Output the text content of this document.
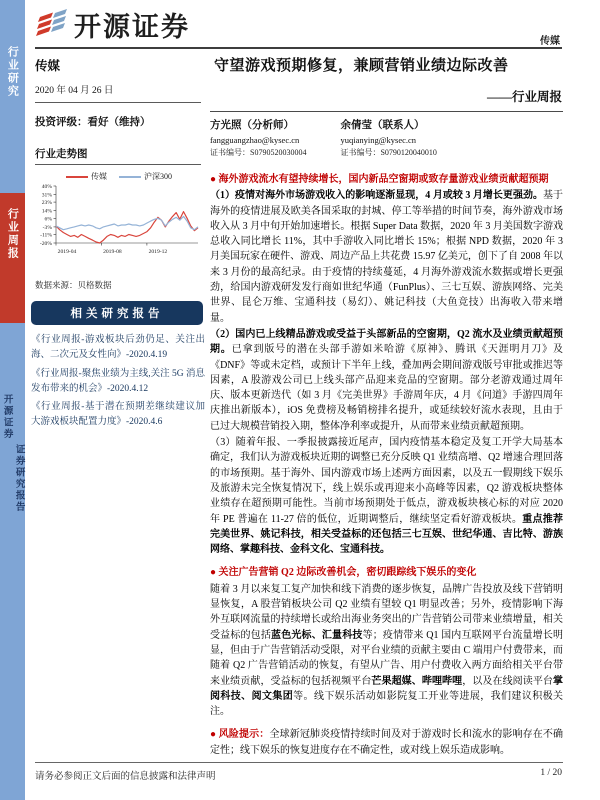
行业研究
行业周报
开源证券
证券研究报告
开源证券	传媒
传媒
2020 年 04 月 26 日
投资评级：看好（维持）
行业走势图
传媒	沪深300
40%
31%
23%
14%
6%
-3%
-11%
-20%
2019-04	2019-08	2019-12
数据来源：贝格数据
相关研究报告
《行业周报-游戏板块后劲仍足、关注出海、二次元及女性向》-2020.4.19
《行业周报-聚焦业绩为主线,关注 5G 消息发布带来的机会》-2020.4.12
《行业周报-基于潜在预期差继续建议加大游戏板块配置力度》-2020.4.6
守望游戏预期修复，兼顾营销业绩边际改善
——行业周报
方光照（分析师）
fangguangzhao@kysec.cn
证书编号：S0790520030004
余倩莹（联系人）
yuqianying@kysec.cn
证书编号：S0790120040010

● 海外游戏流水有望持续增长，国内新品空窗期或致存量游戏业绩贡献超预期

（1）疫情对海外市场游戏收入的影响逐渐显现，4 月或较 3 月增长更强劲。基于海外的疫情进展及欧美各国采取的封城、停工等举措的时间节奏，海外游戏市场收入从 3 月中旬开始加速增长。根据 Super Data 数据，2020 年 3 月美国数字游戏总收入同比增长 11%，其中手游收入同比增长 15%；根据 NPD 数据，2020 年 3 月美国玩家在硬件、游戏、周边产品上共花费 15.97 亿美元，创下了自 2008 年以来 3 月份的最高纪录。由于疫情的持续蔓延，4 月海外游戏流水数据或增长更强劲，给国内游戏研发发行商如世纪华通（FunPlus）、三七互娱、游族网络、完美世界、昆仑万维、宝通科技（易幻）、姚记科技（大鱼竞技）出海收入带来增量。

（2）国内已上线精品游戏或受益于头部新品的空窗期，Q2 流水及业绩贡献超预期。已拿到版号的潜在头部手游如米哈游《原神》、腾讯《天涯明月刀》及《DNF》等或未定档，或预计下半年上线，叠加两会期间游戏版号审批或推迟等因素，A 股游戏公司已上线头部产品迎来竞品的空窗期。部分老游戏通过周年庆、版本更新迭代（如 3 月《完美世界》手游周年庆，4 月《问道》手游四周年庆推出新版本），iOS 免费榜及畅销榜排名提升，或延续较好流水表现，且由于已过大规模营销投入期，整体净利率或提升，从而带来业绩贡献超预期。

（3）随着年报、一季报披露接近尾声，国内疫情基本稳定及复工开学大局基本确定，我们认为游戏板块近期的调整已充分反映 Q1 业绩高增、Q2 增速合理回落的市场预期。基于海外、国内游戏市场上述两方面因素，以及五一假期线下娱乐及旅游未完全恢复情况下，线上娱乐或再迎来小高峰等因素，Q2 游戏板块整体业绩存在超预期可能性。当前市场预期处于低点，游戏板块核心标的对应 2020 年 PE 普遍在 11-27 倍的低位，近期调整后，继续坚定看好游戏板块。重点推荐完美世界、姚记科技，相关受益标的还包括三七互娱、世纪华通、吉比特、游族网络、掌趣科技、金科文化、宝通科技。

● 关注广告营销 Q2 边际改善机会，密切跟踪线下娱乐的变化

随着 3 月以来复工复产加快和线下消费的逐步恢复，品牌广告投放及线下营销明显恢复，A 股营销板块公司 Q2 业绩有望较 Q1 明显改善；另外，疫情影响下海外互联网流量的持续增长或给出海业务突出的广告营销公司带来业绩增量，相关受益标的包括蓝色光标、汇量科技等；疫情带来 Q1 国内互联网平台流量增长明显，但由于广告营销活动受限，对平台业绩的贡献主要由 C 端用户付费带来，而随着 Q2 广告营销活动的恢复，有望从广告、用户付费收入两方面给相关平台带来业绩贡献，受益标的包括视频平台芒果超媒、哔哩哔哩，以及在线阅读平台掌阅科技、阅文集团等。线下娱乐活动如影院复工开业等进展，我们建议积极关注。

● 风险提示：全球新冠肺炎疫情持续时间及对于游戏时长和流水的影响存在不确定性；线下娱乐的恢复进度存在不确定性，或对线上娱乐造成影响。

请务必参阅正文后面的信息披露和法律声明	1 / 20
